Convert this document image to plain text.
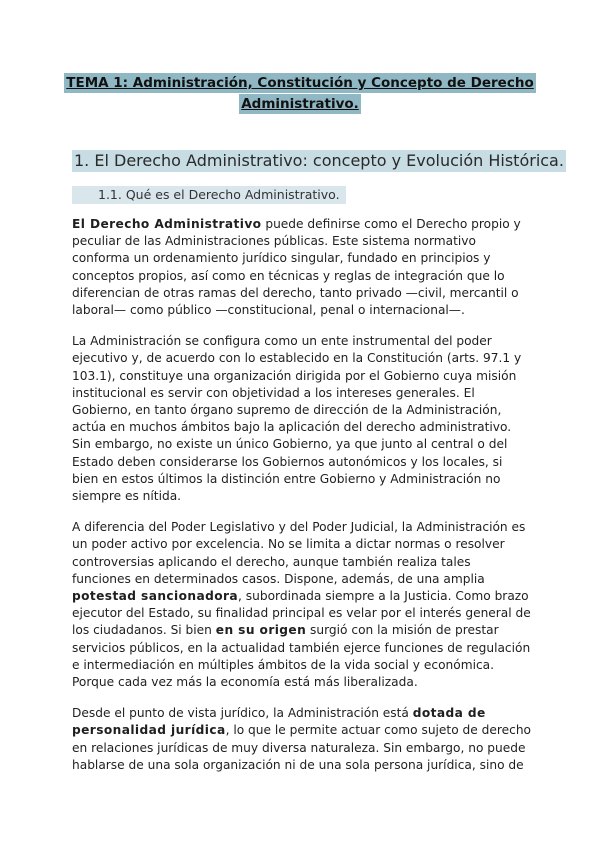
TEMA 1: Administración, Constitución y Concepto de Derecho
Administrativo.
1. El Derecho Administrativo: concepto y Evolución Histórica.
1.1. Qué es el Derecho Administrativo.

El Derecho Administrativo puede definirse como el Derecho propio y peculiar de las Administraciones públicas. Este sistema normativo conforma un ordenamiento jurídico singular, fundado en principios y conceptos propios, así como en técnicas y reglas de integración que lo diferencian de otras ramas del derecho, tanto privado —civil, mercantil o laboral— como público —constitucional, penal o internacional—.

La Administración se configura como un ente instrumental del poder ejecutivo y, de acuerdo con lo establecido en la Constitución (arts. 97.1 y 103.1), constituye una organización dirigida por el Gobierno cuya misión institucional es servir con objetividad a los intereses generales. El Gobierno, en tanto órgano supremo de dirección de la Administración, actúa en muchos ámbitos bajo la aplicación del derecho administrativo. Sin embargo, no existe un único Gobierno, ya que junto al central o del Estado deben considerarse los Gobiernos autonómicos y los locales, si bien en estos últimos la distinción entre Gobierno y Administración no siempre es nítida.

A diferencia del Poder Legislativo y del Poder Judicial, la Administración es un poder activo por excelencia. No se limita a dictar normas o resolver controversias aplicando el derecho, aunque también realiza tales funciones en determinados casos. Dispone, además, de una amplia potestad sancionadora, subordinada siempre a la Justicia. Como brazo ejecutor del Estado, su finalidad principal es velar por el interés general de los ciudadanos. Si bien en su origen surgió con la misión de prestar servicios públicos, en la actualidad también ejerce funciones de regulación e intermediación en múltiples ámbitos de la vida social y económica. Porque cada vez más la economía está más liberalizada.

Desde el punto de vista jurídico, la Administración está dotada de personalidad jurídica, lo que le permite actuar como sujeto de derecho en relaciones jurídicas de muy diversa naturaleza. Sin embargo, no puede hablarse de una sola organización ni de una sola persona jurídica, sino de
